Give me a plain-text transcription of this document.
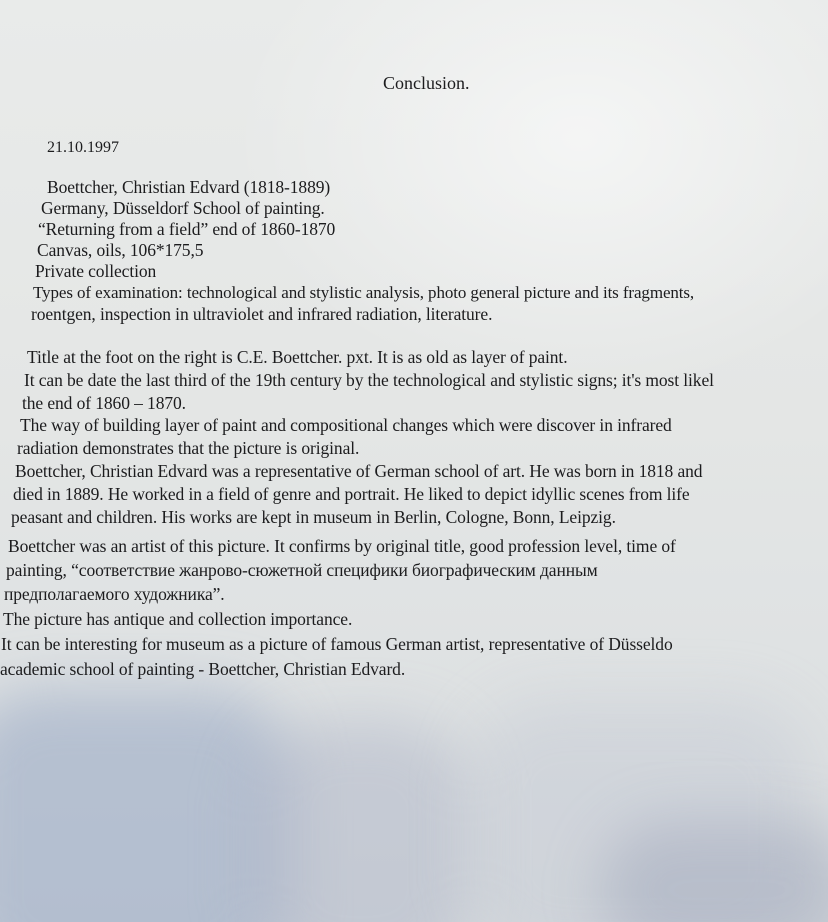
Conclusion.
21.10.1997
Boettcher, Christian Edvard (1818-1889)
Germany, Düsseldorf School of painting.
“Returning from a field” end of 1860-1870
Canvas, oils, 106*175,5
Private collection
Types of examination: technological and stylistic analysis, photo general picture and its fragments,
roentgen, inspection in ultraviolet and infrared radiation, literature.
Title at the foot on the right is C.E. Boettcher. pxt. It is as old as layer of paint.
It can be date the last third of the 19th century by the technological and stylistic signs; it's most likel
the end of 1860 – 1870.
The way of building layer of paint and compositional changes which were discover in infrared
radiation demonstrates that the picture is original.
Boettcher, Christian Edvard was a representative of German school of art. He was born in 1818 and
died in 1889. He worked in a field of genre and portrait. He liked to depict idyllic scenes from life
peasant and children. His works are kept in museum in Berlin, Cologne, Bonn, Leipzig.
Boettcher was an artist of this picture. It confirms by original title, good profession level, time of
painting, “соответствие жанрово-сюжетной специфики биографическим данным
предполагаемого художника”.
The picture has antique and collection importance.
It can be interesting for museum as a picture of famous German artist, representative of Düsseldo
academic school of painting - Boettcher, Christian Edvard.
